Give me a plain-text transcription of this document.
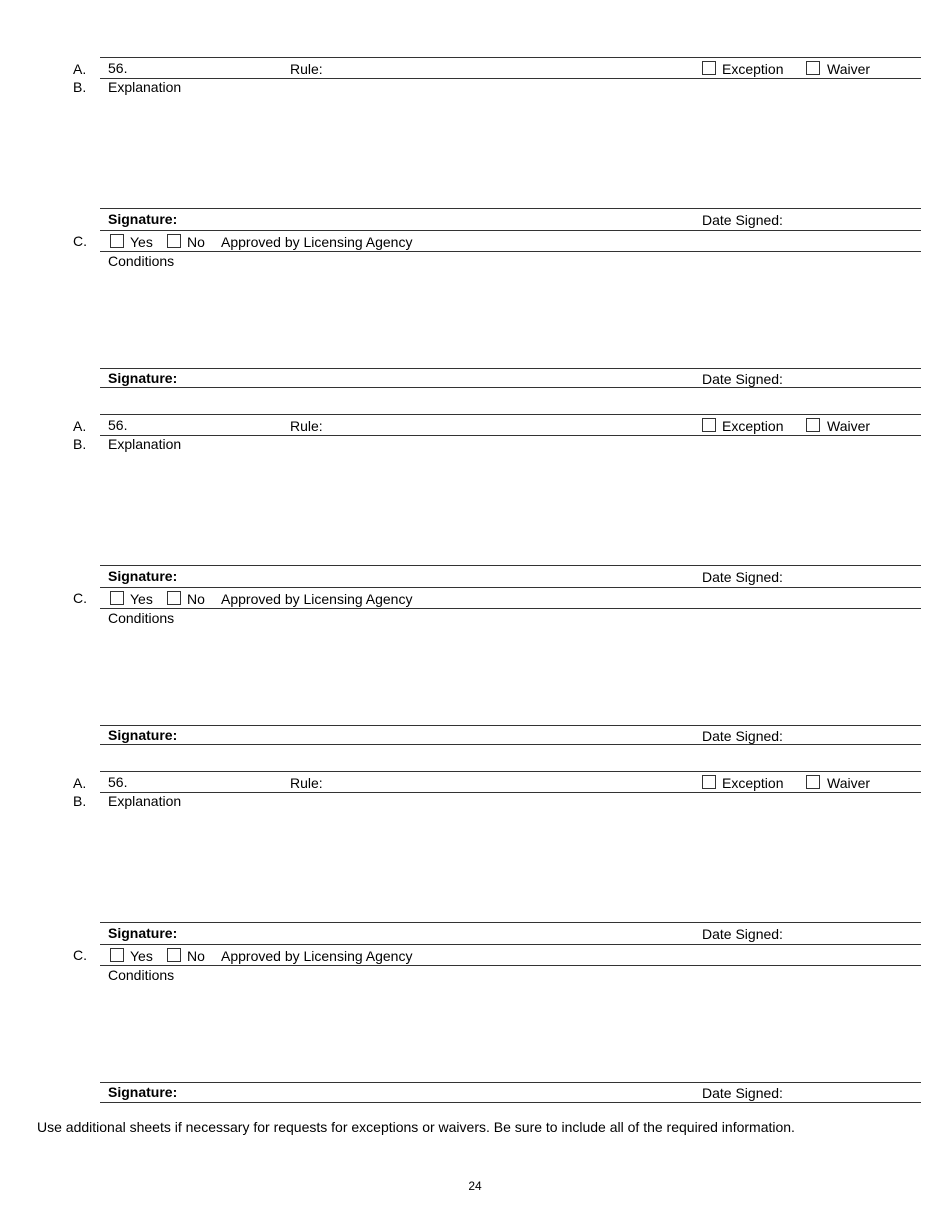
A. 56.	Rule:	Exception	Waiver
B. Explanation
Signature:	Date Signed:
C.	Yes No Approved by Licensing Agency
Conditions
Signature:	Date Signed:
A. 56.	Rule:	Exception	Waiver
B. Explanation
Signature:	Date Signed:
C.	Yes No Approved by Licensing Agency
Conditions
Signature:	Date Signed:
A. 56.	Rule:	Exception	Waiver
B. Explanation
Signature:	Date Signed:
C.	Yes No Approved by Licensing Agency
Conditions
Signature:	Date Signed:
Use additional sheets if necessary for requests for exceptions or waivers. Be sure to include all of the required information.
24
